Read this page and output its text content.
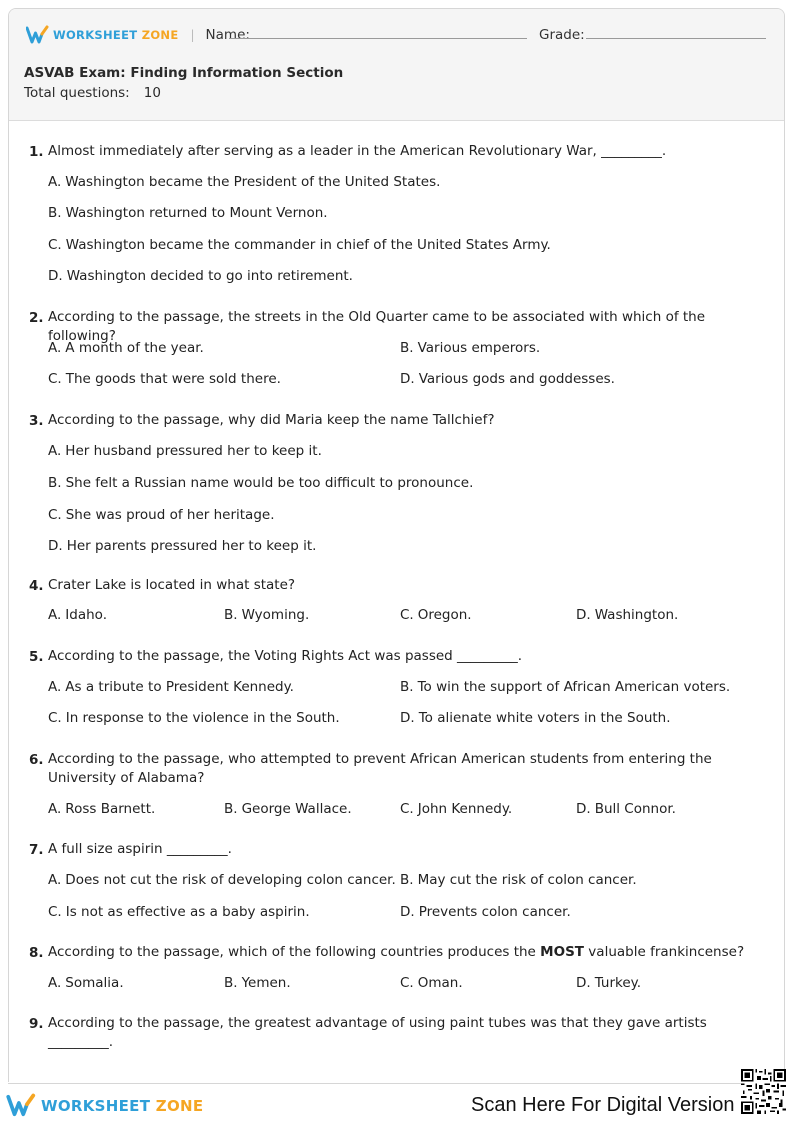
WORKSHEET ZONE | Name:	Grade:
ASVAB Exam: Finding Information Section
Total questions: 10
1. Almost immediately after serving as a leader in the American Revolutionary War, _________.
A. Washington became the President of the United States.
B. Washington returned to Mount Vernon.
C. Washington became the commander in chief of the United States Army.
D. Washington decided to go into retirement.
2. According to the passage, the streets in the Old Quarter came to be associated with which of the following?
A. A month of the year.	B. Various emperors.
C. The goods that were sold there.	D. Various gods and goddesses.
3. According to the passage, why did Maria keep the name Tallchief?
A. Her husband pressured her to keep it.
B. She felt a Russian name would be too difficult to pronounce.
C. She was proud of her heritage.
D. Her parents pressured her to keep it.
4. Crater Lake is located in what state?
A. Idaho.	B. Wyoming.	C. Oregon.	D. Washington.
5. According to the passage, the Voting Rights Act was passed _________.
A. As a tribute to President Kennedy.	B. To win the support of African American voters.
C. In response to the violence in the South.	D. To alienate white voters in the South.
6. According to the passage, who attempted to prevent African American students from entering the University of Alabama?
A. Ross Barnett.	B. George Wallace.	C. John Kennedy.	D. Bull Connor.
7. A full size aspirin _________.
A. Does not cut the risk of developing colon cancer. B. May cut the risk of colon cancer.
C. Is not as effective as a baby aspirin.	D. Prevents colon cancer.
8. According to the passage, which of the following countries produces the MOST valuable frankincense?
A. Somalia.	B. Yemen.	C. Oman.	D. Turkey.
9. According to the passage, the greatest advantage of using paint tubes was that they gave artists _________.
WORKSHEET ZONE	Scan Here For Digital Version
